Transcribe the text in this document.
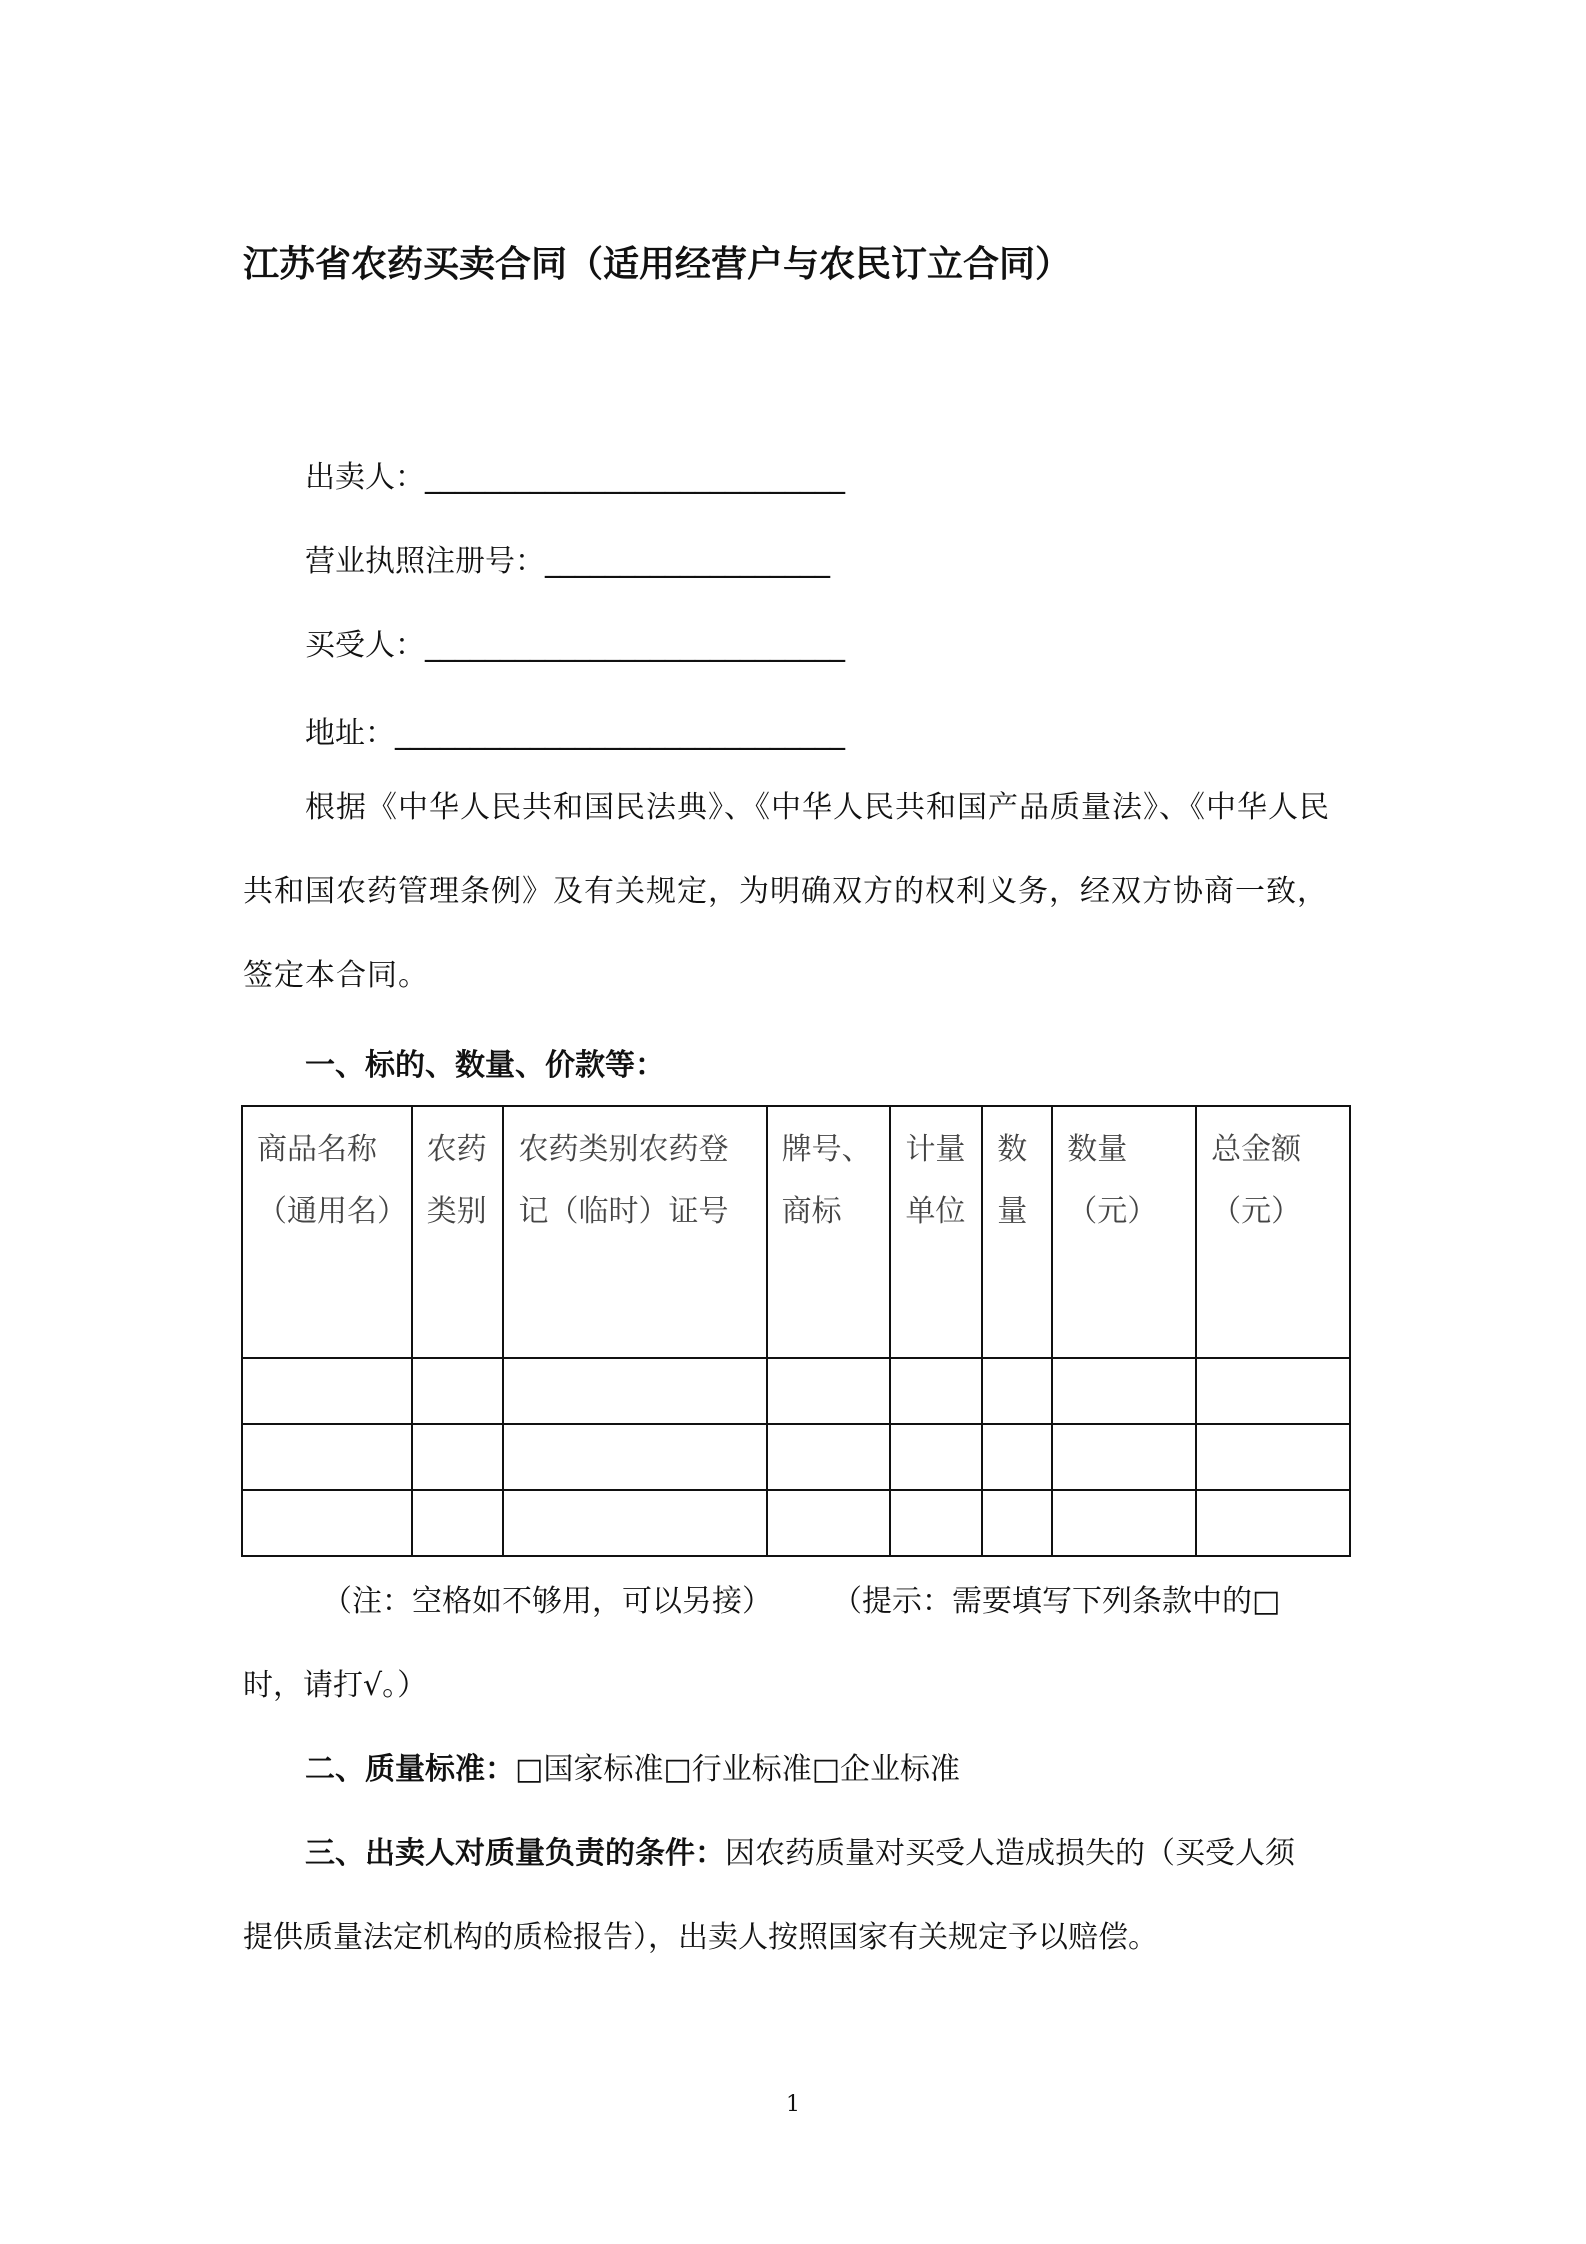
江苏省农药买卖合同（适用经营户与农民订立合同）
出卖人：____________________________
营业执照注册号：___________________
买受人：____________________________
地址：______________________________
根据《中华人民共和国民法典》、《中华人民共和国产品质量法》、《中华人民共和国农药管理条例》及有关规定，为明确双方的权利义务，经双方协商一致，签定本合同。
一、标的、数量、价款等：
商品名称（通用名）	农药类别	农药类别农药登记（临时）证号	牌号、商标	计量单位	数量	数量（元）	总金额（元）

（注：空格如不够用，可以另接）　　　（提示：需要填写下列条款中的□
时，请打√。）
二、质量标准：□国家标准□行业标准□企业标准
三、出卖人对质量负责的条件：因农药质量对买受人造成损失的（买受人须
提供质量法定机构的质检报告），出卖人按照国家有关规定予以赔偿。
1
